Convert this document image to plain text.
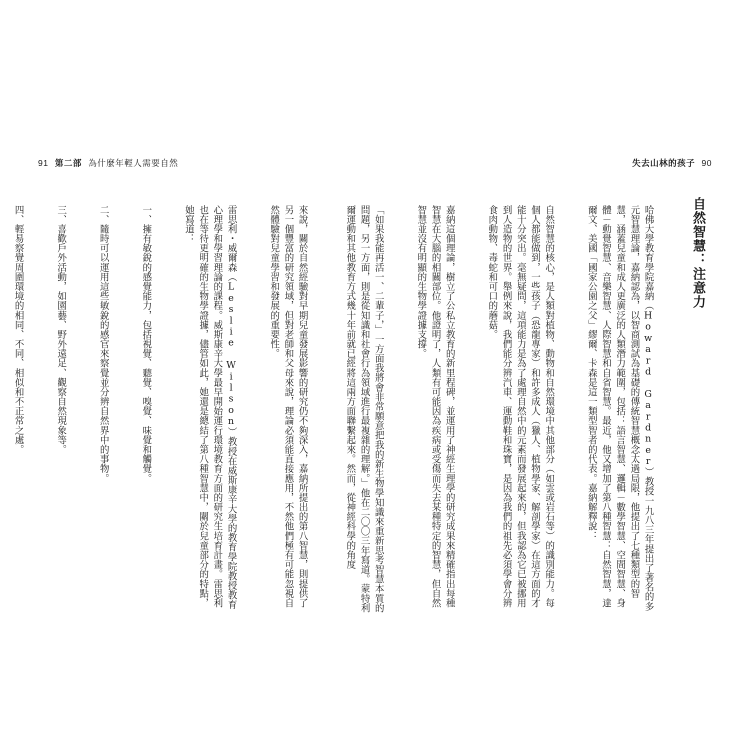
91 第二部 為什麼年輕人需要自然	失去山林的孩子 90
自然智慧：注意力

哈佛大學教育學院嘉納（Howard Gardner）教授一九八三年提出了著名的多元智慧理論，嘉納認為，以智商測試為基礎的傳統智慧概念太過局限，他提出了七種類型的智慧，涵蓋兒童和成人更廣泛的人類潛力範圍，包括：語言智慧、邏輯－數學智慧、空間智慧、身體－動覺智慧、音樂智慧、人際智慧和自省智慧。最近，他又增加了第八種智慧：自然智慧，達爾文、美國「國家公園之父」繆爾、卡森是這一類型智者的代表。嘉納解釋說：

自然智慧的核心，是人類對植物、動物和自然環境中其他部分（如雲或岩石等）的識別能力。每個人都能做到，一些孩子（恐龍專家）和許多成人（獵人、植物學家、解剖學家）在這方面的才能十分突出。毫無疑問，這項能力是為了處理自然中的元素而發展起來的，但我認為它已被挪用到人造物的世界。舉例來說，我們能分辨汽車、運動鞋和珠寶，是因為我們的祖先必須學會分辨食肉動物、毒蛇和可口的蘑菇。

嘉納這個理論，樹立了公私立教育的新里程碑，並運用了神經生理學的研究成果來精確指出每種智慧在大腦的相關部位。他證明了，人類有可能因為疾病或受傷而失去某種特定的智慧，但自然智慧並沒有明顯的生物學證據支撐。

「如果我能再活一、二輩子，」一方面我將會非常願意把我的新生物學知識來重新思考智慧本質的問題，另一方面，則是從知識和社會行為領域進行最複雜的理解。」他在二〇〇三年寫道。蒙特利爾運動和其他教育方式幾十年前就已經將這兩方面聯繫起來。然而，從神經科學的角度

來說，關於自然經驗對早期兒童發展影響的研究仍不夠深入，嘉納所提出的第八智慧，則提供了另一個豐富的研究領域，但對老師和父母來說，理論必須能直接應用，不然他們極有可能忽視自然體驗對兒童學習和發展的重要性。

雷思利・威爾森（Leslie Wilson）教授在威斯康辛大學的教育學院教授教育心理學和學習理論的課程。威斯康辛大學最早開始運行環境教育方面的研究生培育計畫。雷思利也在等待更明確的生物學證據，儘管如此，她還是總結了第八種智慧中，關於兒童部分的特點，她寫道：

一、擁有敏銳的感覺能力，包括視覺、聽覺、嗅覺、味覺和觸覺。

二、隨時可以運用這些敏銳的感官來察覺並分辨自然界中的事物。

三、喜歡戶外活動，如園藝、野外遠足、觀察自然現象等。

四、輕易察覺周圍環境的相同、不同、相似和不正常之處。
